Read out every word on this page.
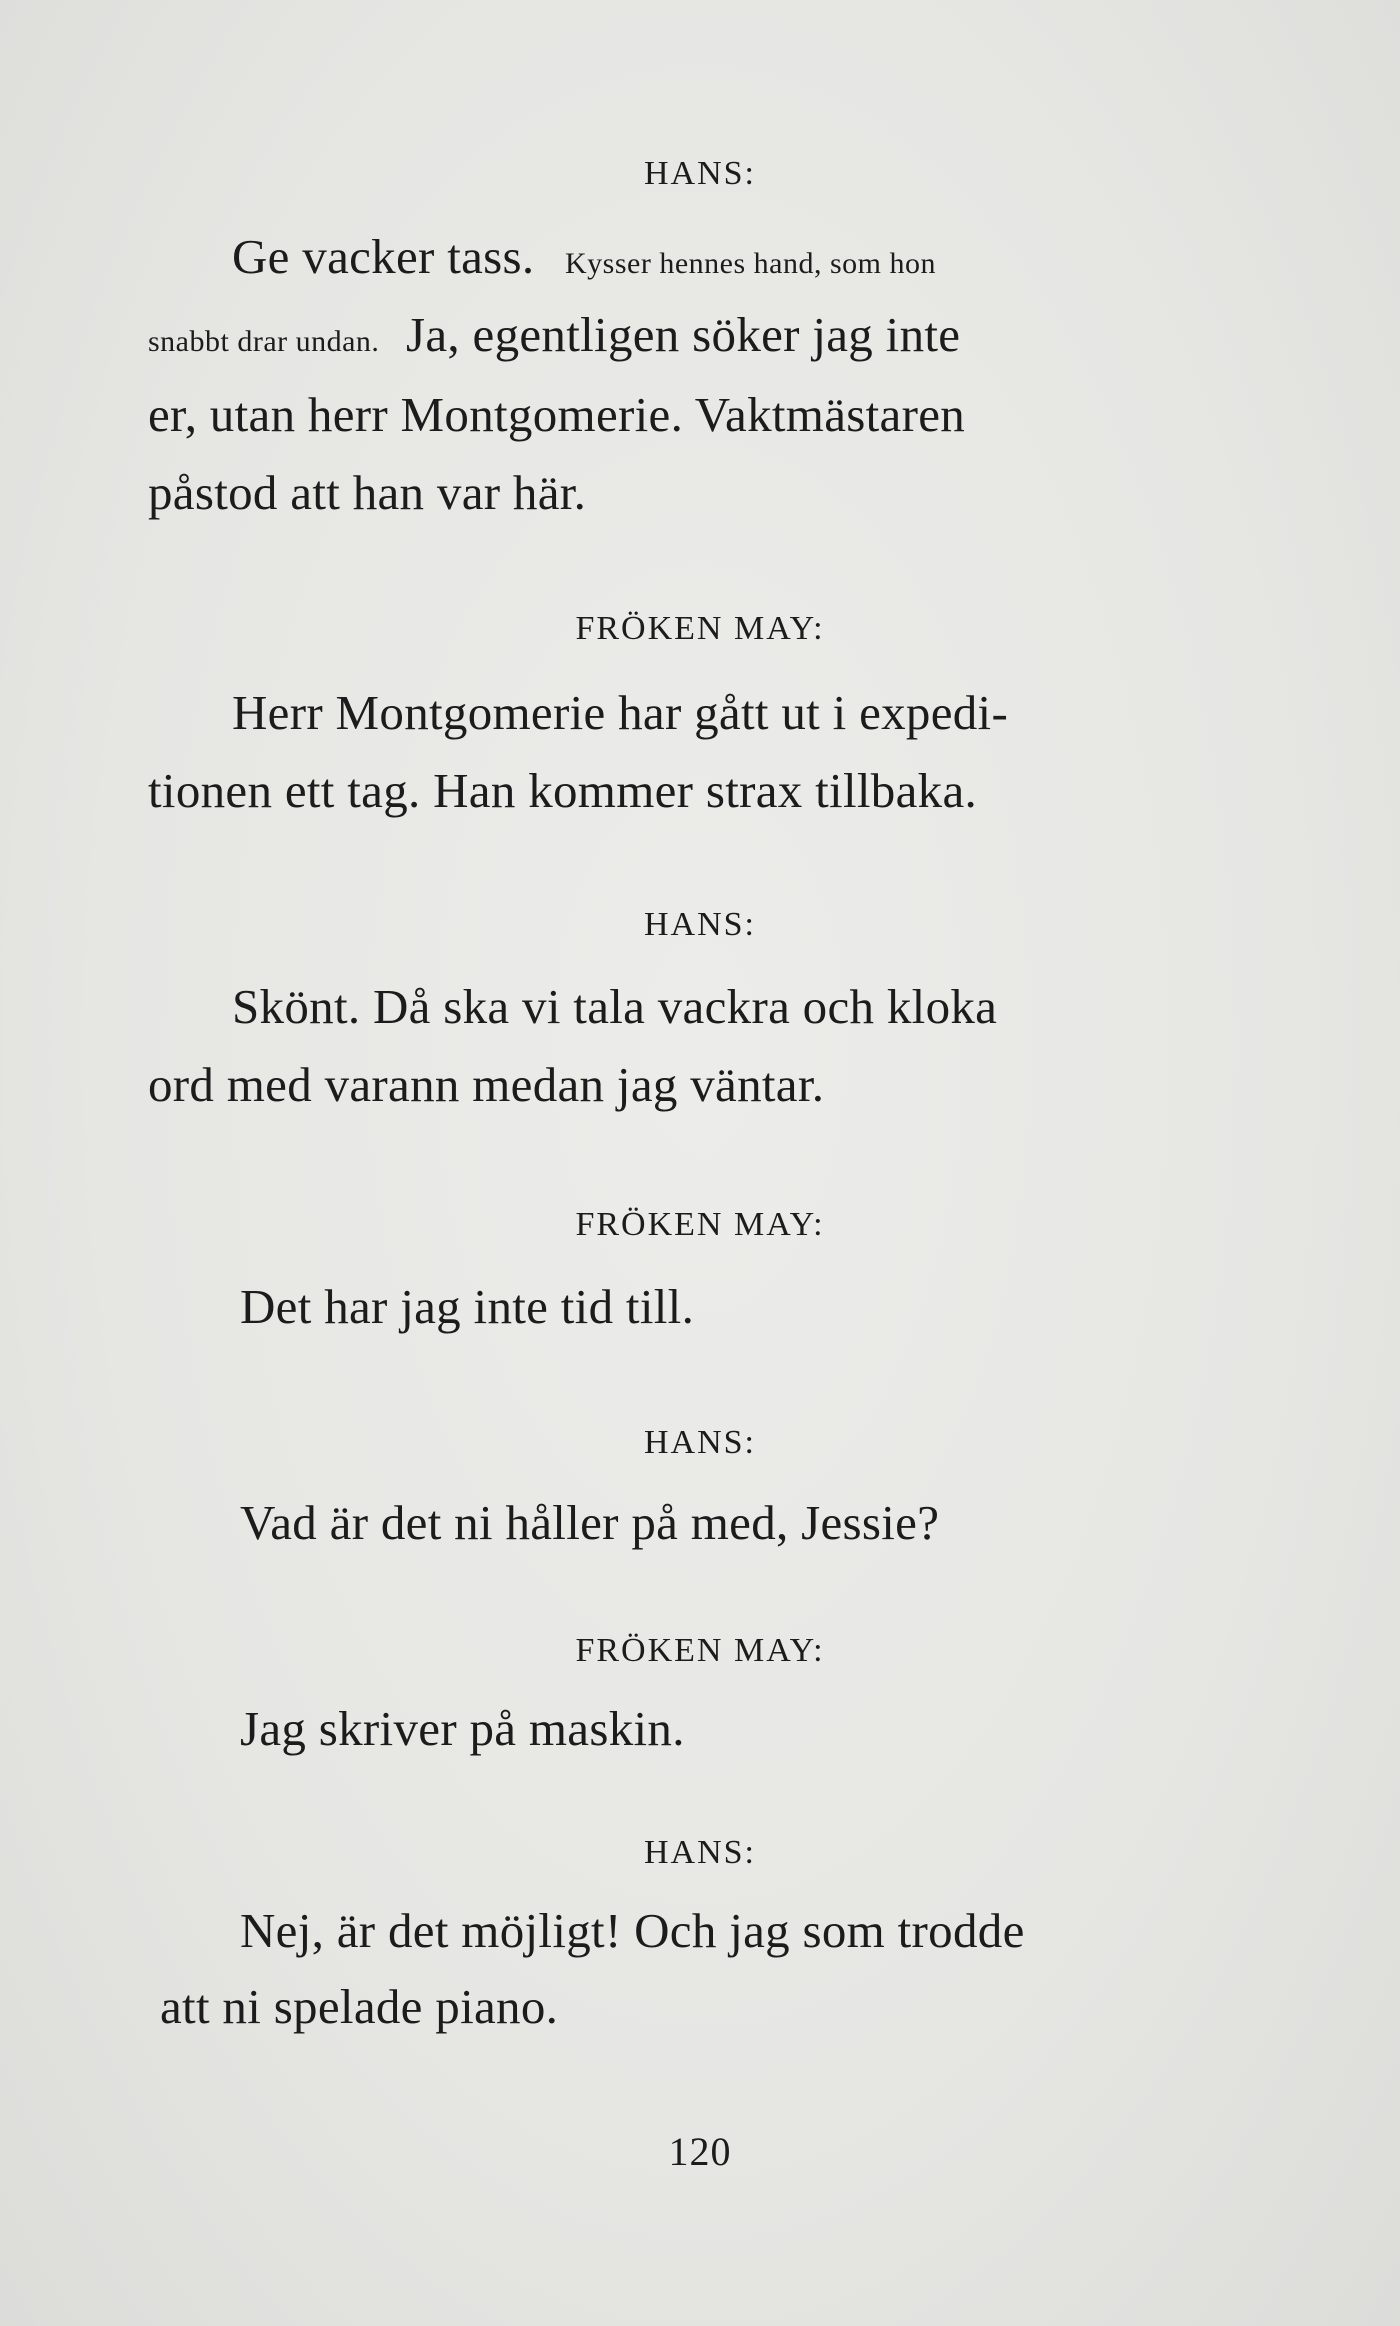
HANS:
Ge vacker tass. Kysser hennes hand, som hon
snabbt drar undan. Ja, egentligen söker jag inte
er, utan herr Montgomerie. Vaktmästaren
påstod att han var här.
FRÖKEN MAY:
Herr Montgomerie har gått ut i expedi-
tionen ett tag. Han kommer strax tillbaka.
HANS:
Skönt. Då ska vi tala vackra och kloka
ord med varann medan jag väntar.
FRÖKEN MAY:
Det har jag inte tid till.
HANS:
Vad är det ni håller på med, Jessie?
FRÖKEN MAY:
Jag skriver på maskin.
HANS:
Nej, är det möjligt! Och jag som trodde
att ni spelade piano.
120
